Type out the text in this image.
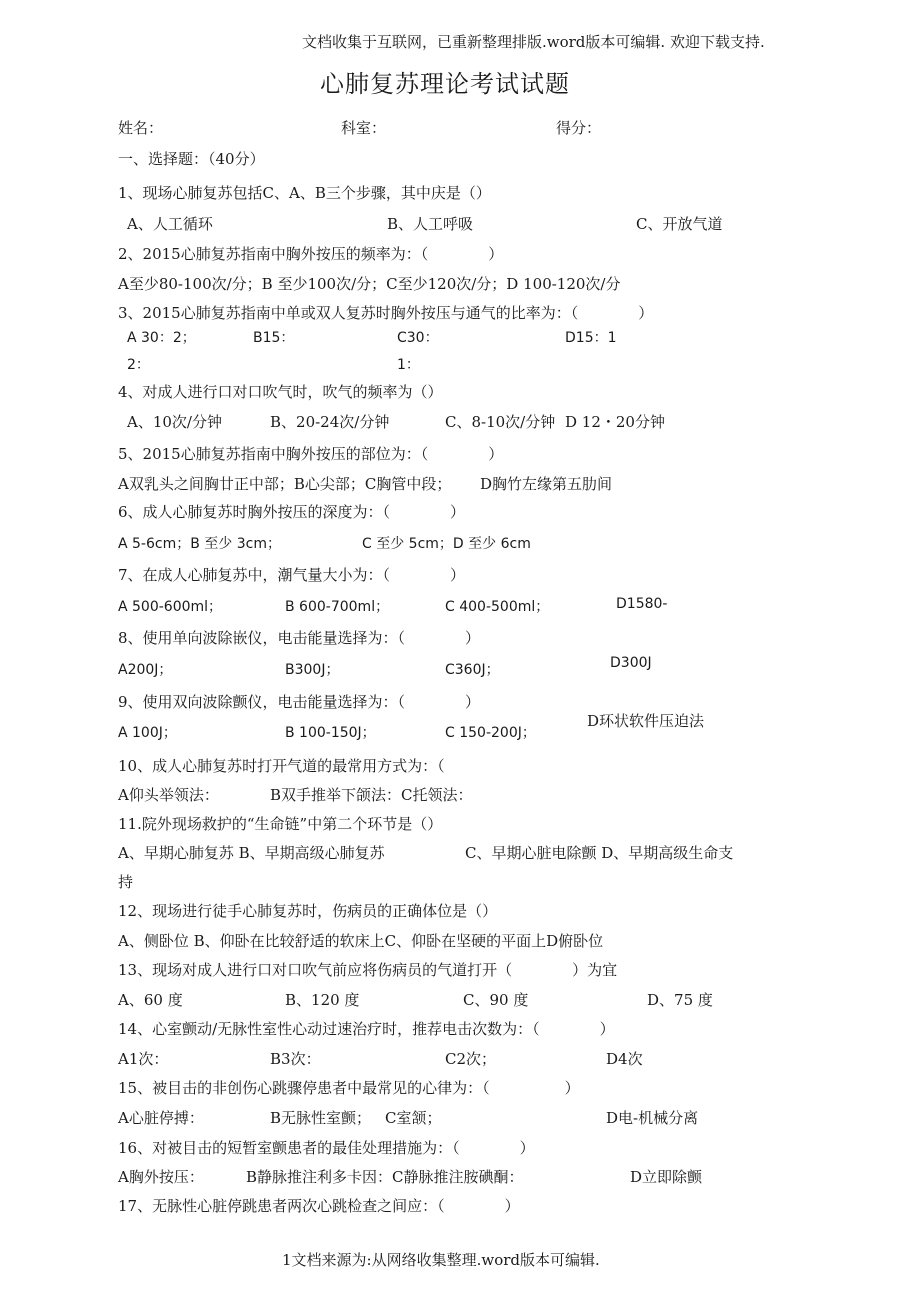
文档收集于互联网，已重新整理排版.word版本可编辑. 欢迎下载支持.
心肺复苏理论考试试题
姓名：	科室：	得分：
一、选择题：（40分）
1、现场心肺复苏包括C、A、B三个步骤，其中庆是（）
A、人工循环	B、人工呼吸	C、开放气道
2、2015心肺复苏指南中胸外按压的频率为：（　　　　）
A至少80-100次/分；B 至少100次/分；C至少120次/分；D 100-120次/分
3、2015心肺复苏指南中单或双人复苏时胸外按压与通气的比率为：（　　　　）
A 30：2；	B15：	C30：	D15：1
2：	1：
4、对成人进行口对口吹气时，吹气的频率为（）
A、10次/分钟	B、20-24次/分钟	C、8-10次/分钟 D 12・20分钟
5、2015心肺复苏指南中胸外按压的部位为：（　　　　）
A双乳头之间胸廿正中部；B心尖部；C胸管中段； D胸竹左缘第五肋间
6、成人心肺复苏时胸外按压的深度为：（　　　　）
A 5-6cm；B 至少 3cm；	C 至少 5cm；D 至少 6cm
7、在成人心肺复苏中，潮气量大小为：（　　　　）
A 500-600ml；	B 600-700ml；	C 400-500ml；	D1580-
8、使用单向波除嵌仪，电击能量选择为：（　　　　）
A200J；	B300J；	C360J；	D300J
9、使用双向波除颤仪，电击能量选择为：（　　　　）
A 100J；	B 100-150J；	C 150-200J；
D环状软件压迫法
10、成人心肺复苏时打开气道的最常用方式为：（
A仰头举领法：	B双手推举下颌法：C托领法：
11.院外现场救护的“生命链”中第二个环节是（）
A、早期心肺复苏 B、早期高级心肺复苏	C、早期心脏电除颤 D、早期高级生命支
持
12、现场进行徒手心肺复苏时，伤病员的正确体位是（）
A、侧卧位 B、仰卧在比较舒适的软床上C、仰卧在坚硬的平面上D俯卧位
13、现场对成人进行口对口吹气前应将伤病员的气道打开（　　　　）为宜
A、60 度	B、120 度	C、90 度	D、75 度
14、心室颤动/无脉性室性心动过速治疗时，推荐电击次数为：（　　　　）
A1次：	B3次：	C2次；	D4次
15、被目击的非创伤心跳骤停患者中最常见的心律为：（　　　　　）
A心脏停搏：	B无脉性室颤； C室颔；	D电-机械分离
16、对被目击的短暂室颤患者的最佳处理措施为：（　　　　）
A胸外按压：	B静脉推注利多卡因：C静脉推注胺碘酮：	D立即除颤
17、无脉性心脏停跳患者两次心跳检查之间应：（　　　　）
1文档来源为:从网络收集整理.word版本可编辑.
